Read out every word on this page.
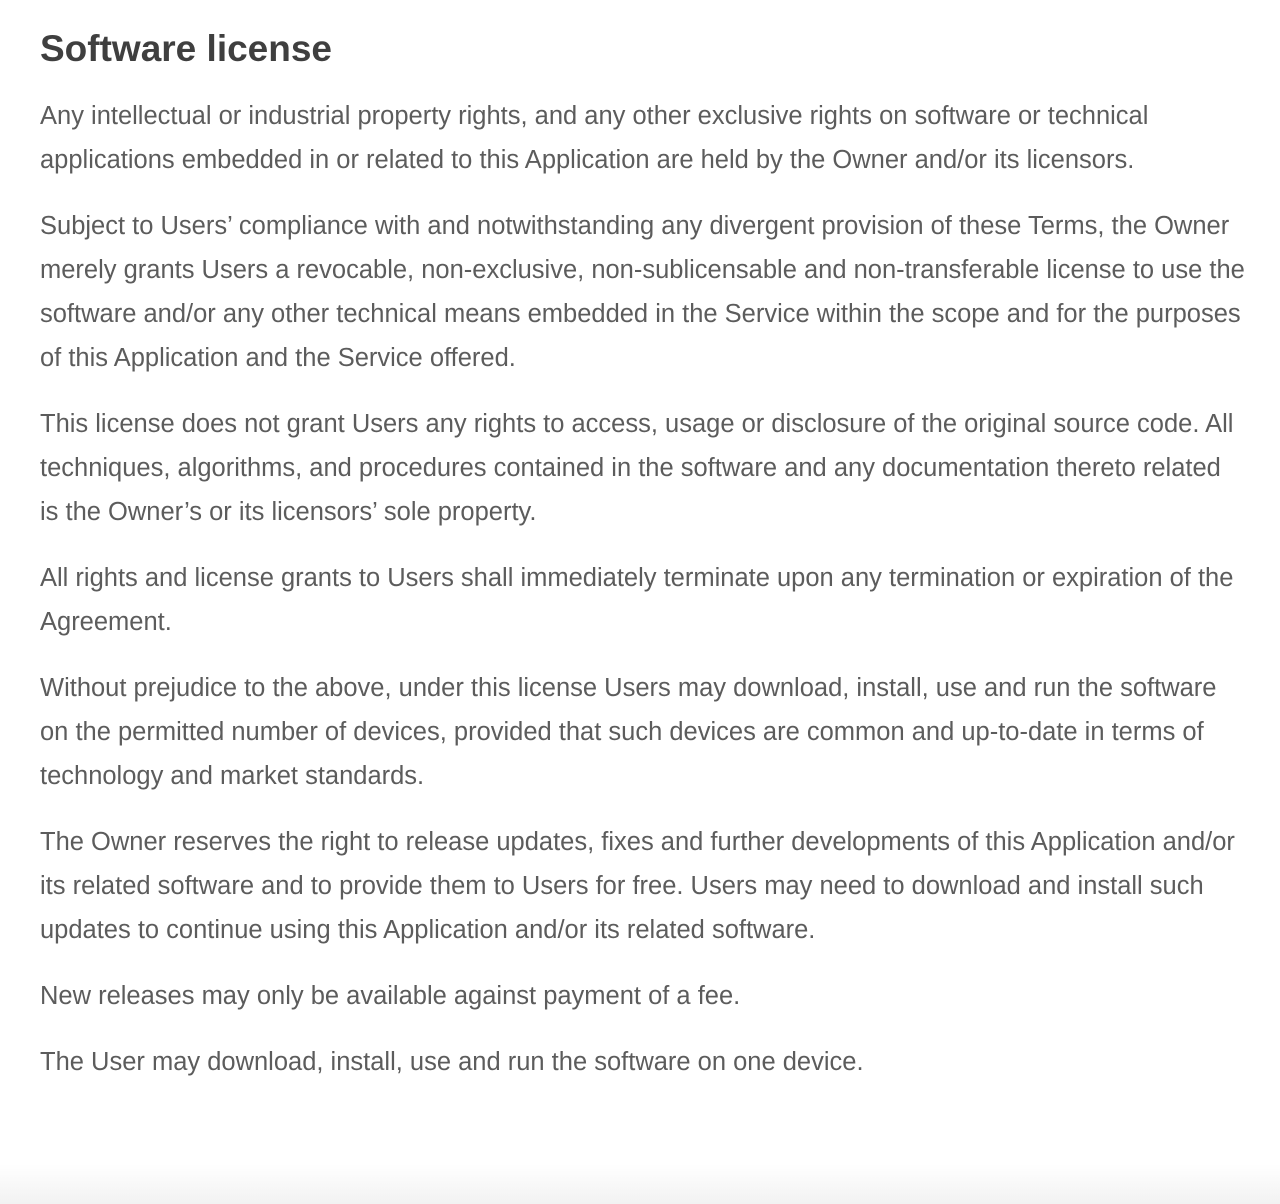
Software license

Any intellectual or industrial property rights, and any other exclusive rights on software or technical applications embedded in or related to this Application are held by the Owner and/or its licensors.

Subject to Users’ compliance with and notwithstanding any divergent provision of these Terms, the Owner merely grants Users a revocable, non-exclusive, non-sublicensable and non-transferable license to use the software and/or any other technical means embedded in the Service within the scope and for the purposes of this Application and the Service offered.

This license does not grant Users any rights to access, usage or disclosure of the original source code. All techniques, algorithms, and procedures contained in the software and any documentation thereto related is the Owner’s or its licensors’ sole property.

All rights and license grants to Users shall immediately terminate upon any termination or expiration of the Agreement.

Without prejudice to the above, under this license Users may download, install, use and run the software on the permitted number of devices, provided that such devices are common and up-to-date in terms of technology and market standards.

The Owner reserves the right to release updates, fixes and further developments of this Application and/or its related software and to provide them to Users for free. Users may need to download and install such updates to continue using this Application and/or its related software.

New releases may only be available against payment of a fee.

The User may download, install, use and run the software on one device.
